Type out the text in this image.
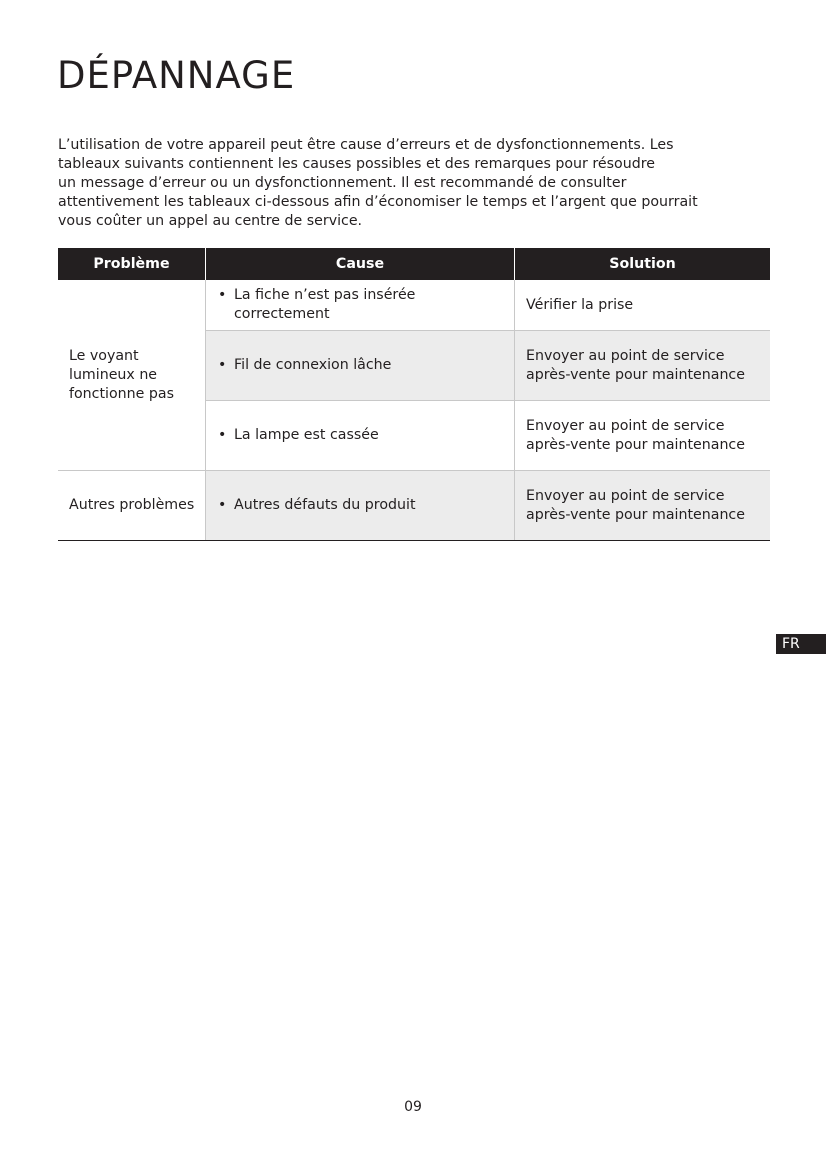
DÉPANNAGE

L’utilisation de votre appareil peut être cause d’erreurs et de dysfonctionnements. Les
tableaux suivants contiennent les causes possibles et des remarques pour résoudre
un message d’erreur ou un dysfonctionnement. Il est recommandé de consulter
attentivement les tableaux ci-dessous afin d’économiser le temps et l’argent que pourrait
vous coûter un appel au centre de service.

Problème	Cause	Solution
Le voyant lumineux ne fonctionne pas	• La fiche n’est pas insérée correctement	Vérifier la prise

	• Fil de connexion lâche	Envoyer au point de service après-vente pour maintenance

	• La lampe est cassée	Envoyer au point de service après-vente pour maintenance
Autres problèmes	• Autres défauts du produit	Envoyer au point de service après-vente pour maintenance
FR
09
